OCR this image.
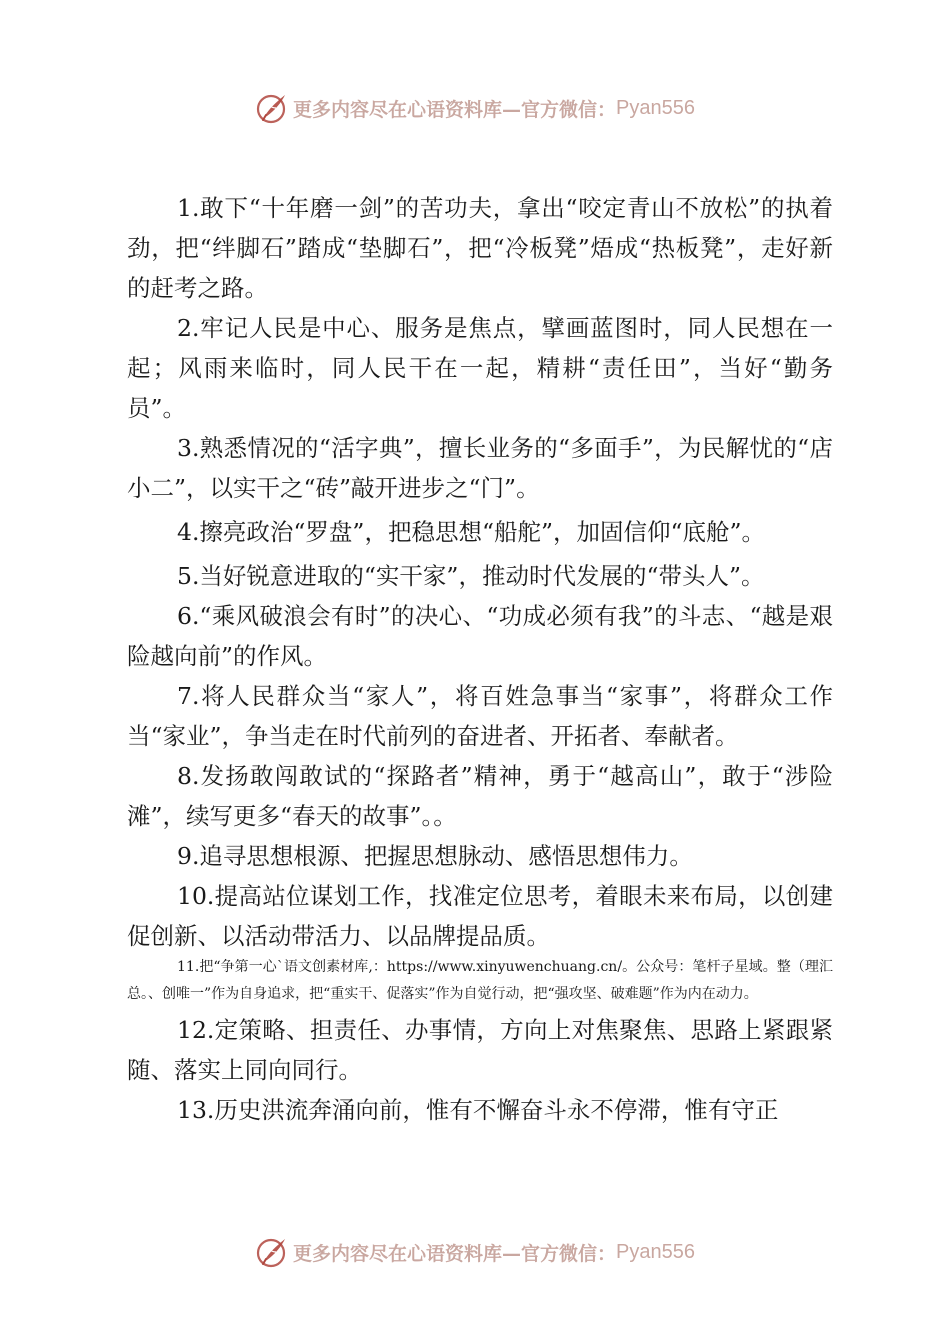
更多内容尽在心语资料库—官方微信： Pyan556

1.敢下“十年磨一剑”的苦功夫，拿出“咬定青山不放松”的执着劲，把“绊脚石”踏成“垫脚石”，把“冷板凳”焐成“热板凳”，走好新的赶考之路。

2.牢记人民是中心、服务是焦点，擘画蓝图时，同人民想在一起；风雨来临时，同人民干在一起，精耕“责任田”，当好“勤务员”。

3.熟悉情况的“活字典”，擅长业务的“多面手”，为民解忧的“店小二”，以实干之“砖”敲开进步之“门”。

4.擦亮政治“罗盘”，把稳思想“船舵”，加固信仰“底舱”。

5.当好锐意进取的“实干家”，推动时代发展的“带头人”。

6.“乘风破浪会有时”的决心、“功成必须有我”的斗志、“越是艰险越向前”的作风。

7.将人民群众当“家人”，将百姓急事当“家事”，将群众工作当“家业”，争当走在时代前列的奋进者、开拓者、奉献者。

8.发扬敢闯敢试的“探路者”精神，勇于“越高山”，敢于“涉险滩”，续写更多“春天的故事”。。

9.追寻思想根源、把握思想脉动、感悟思想伟力。

10.提高站位谋划工作，找准定位思考，着眼未来布局，以创建促创新、以活动带活力、以品牌提品质。

11.把“争第一心`语文创素材库,：https://www.xinyuwenchuang.cn/。公众号：笔杆子星域。整（理汇总。、创唯一”作为自身追求，把“重实干、促落实”作为自觉行动，把“强攻坚、破难题”作为内在动力。

12.定策略、担责任、办事情，方向上对焦聚焦、思路上紧跟紧随、落实上同向同行。

13.历史洪流奔涌向前，惟有不懈奋斗永不停滞，惟有守正

更多内容尽在心语资料库—官方微信： Pyan556
